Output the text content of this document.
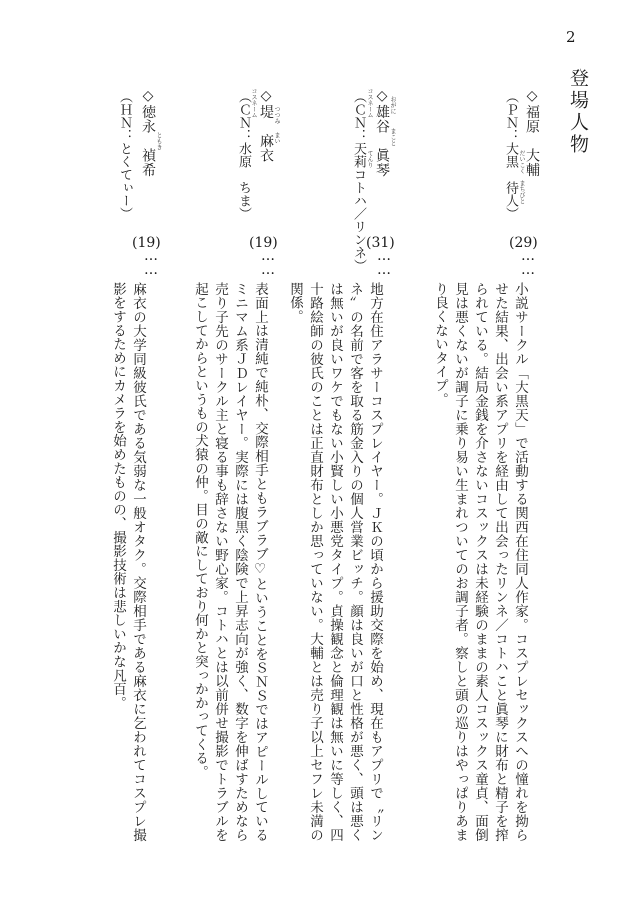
2
登場人物
◇福原　大輔
（ＰＮ：大黒　待人） だいこく　まちびと
(29)
……
小説サークル「大黒天」で活動する関西在住同人作家。コスプレセックスへの憧れを拗らせた結果、出会い系アプリを経由して出会ったリンネ／コトハこと眞琴に財布と精子を搾られている。結局金銭を介さないコスックスは未経験のままの素人コスックス童貞、面倒見は悪くないが調子に乗り易い生まれついてのお調子者。察しと頭の巡りはやっぱりあまり良くないタイプ。
おがに
まこと
◇雄谷　眞琴
コスネーム
てんり
（ＣＮ：天莉コトハ／リンネ） (31)
……
地方在住アラサーコスプレイヤー。ＪＫの頃から援助交際を始め、現在もアプリで〝リンネ〟の名前で客を取る筋金入りの個人営業ビッチ。顔は良いが口と性格が悪く、頭は悪くは無いが良いワケでもない小賢しい小悪党タイプ。貞操観念と倫理観は無いに等しく、四十路絵師の彼氏のことは正直財布としか思っていない。大輔とは売り子以上セフレ未満の関係。
つつみ
まい
◇堤　麻衣
コスネーム
（ＣＮ：水原　ちま）
(19)
……
表面上は清純で純朴、交際相手ともラブラブ♡ということをＳＮＳではアピールしているミニマム系ＪＤレイヤー。実際には腹黒く陰険で上昇志向が強く、数字を伸ばすためなら売り子先のサークル主と寝る事も辞さない野心家。コトハとは以前併せ撮影でトラブルを起こしてからというもの犬猿の仲。目の敵にしており何かと突っかかってくる。
ともき
◇徳永　禎希
（ＨＮ：とくてぃー）
(19)
……
麻衣の大学同級彼氏である気弱な一般オタク。交際相手である麻衣に乞われてコスプレ撮影をするためにカメラを始めたものの、撮影技術は悲しいかな凡百。
